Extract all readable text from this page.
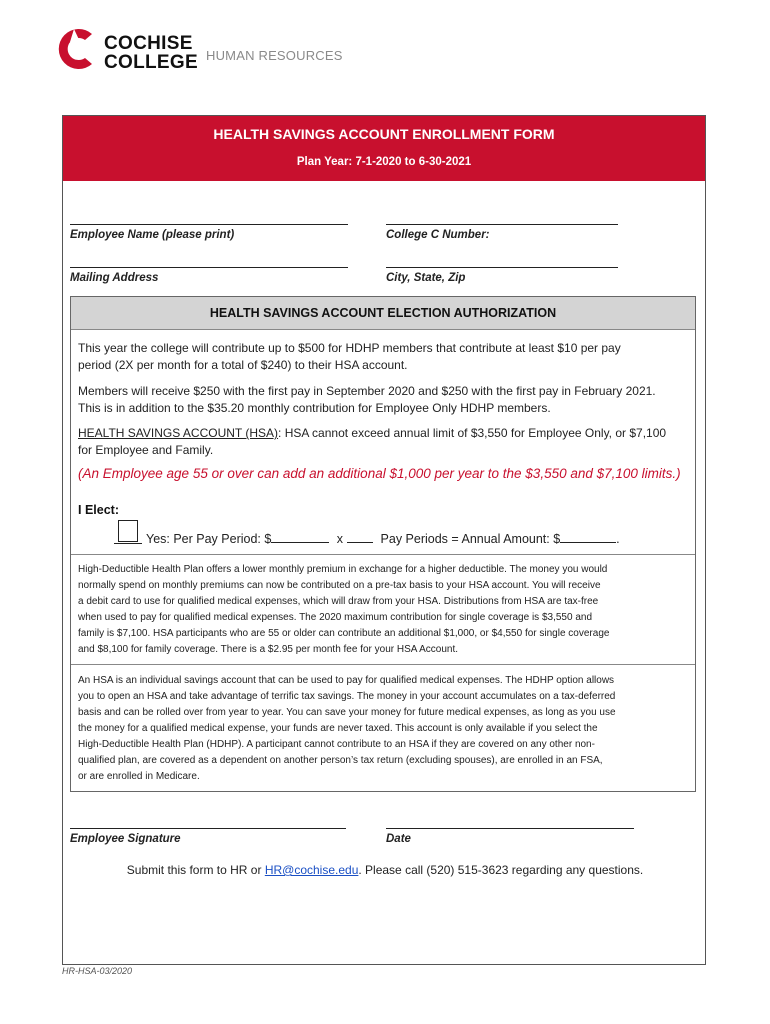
COCHISE
COLLEGE HUMAN RESOURCES
HEALTH SAVINGS ACCOUNT ENROLLMENT FORM
Plan Year: 7-1-2020 to 6-30-2021
Employee Name (please print)	College C Number:
Mailing Address	City, State, Zip
HEALTH SAVINGS ACCOUNT ELECTION AUTHORIZATION
This year the college will contribute up to $500 for HDHP members that contribute at least $10 per pay
period (2X per month for a total of $240) to their HSA account.
Members will receive $250 with the first pay in September 2020 and $250 with the first pay in February 2021.
This is in addition to the $35.20 monthly contribution for Employee Only HDHP members.
HEALTH SAVINGS ACCOUNT (HSA): HSA cannot exceed annual limit of $3,550 for Employee Only, or $7,100
for Employee and Family.
(An Employee age 55 or over can add an additional $1,000 per year to the $3,550 and $7,100 limits.)
I Elect:
Yes: Per Pay Period: $	x	Pay Periods = Annual Amount: $	.
High-Deductible Health Plan offers a lower monthly premium in exchange for a higher deductible. The money you would
normally spend on monthly premiums can now be contributed on a pre-tax basis to your HSA account. You will receive
a debit card to use for qualified medical expenses, which will draw from your HSA. Distributions from HSA are tax-free
when used to pay for qualified medical expenses. The 2020 maximum contribution for single coverage is $3,550 and
family is $7,100. HSA participants who are 55 or older can contribute an additional $1,000, or $4,550 for single coverage
and $8,100 for family coverage. There is a $2.95 per month fee for your HSA Account.
An HSA is an individual savings account that can be used to pay for qualified medical expenses. The HDHP option allows
you to open an HSA and take advantage of terrific tax savings. The money in your account accumulates on a tax-deferred
basis and can be rolled over from year to year. You can save your money for future medical expenses, as long as you use
the money for a qualified medical expense, your funds are never taxed. This account is only available if you select the
High-Deductible Health Plan (HDHP). A participant cannot contribute to an HSA if they are covered on any other non-
qualified plan, are covered as a dependent on another person’s tax return (excluding spouses), are enrolled in an FSA,
or are enrolled in Medicare.
Employee Signature	Date
Submit this form to HR or HR@cochise.edu. Please call (520) 515-3623 regarding any questions.
HR-HSA-03/2020
